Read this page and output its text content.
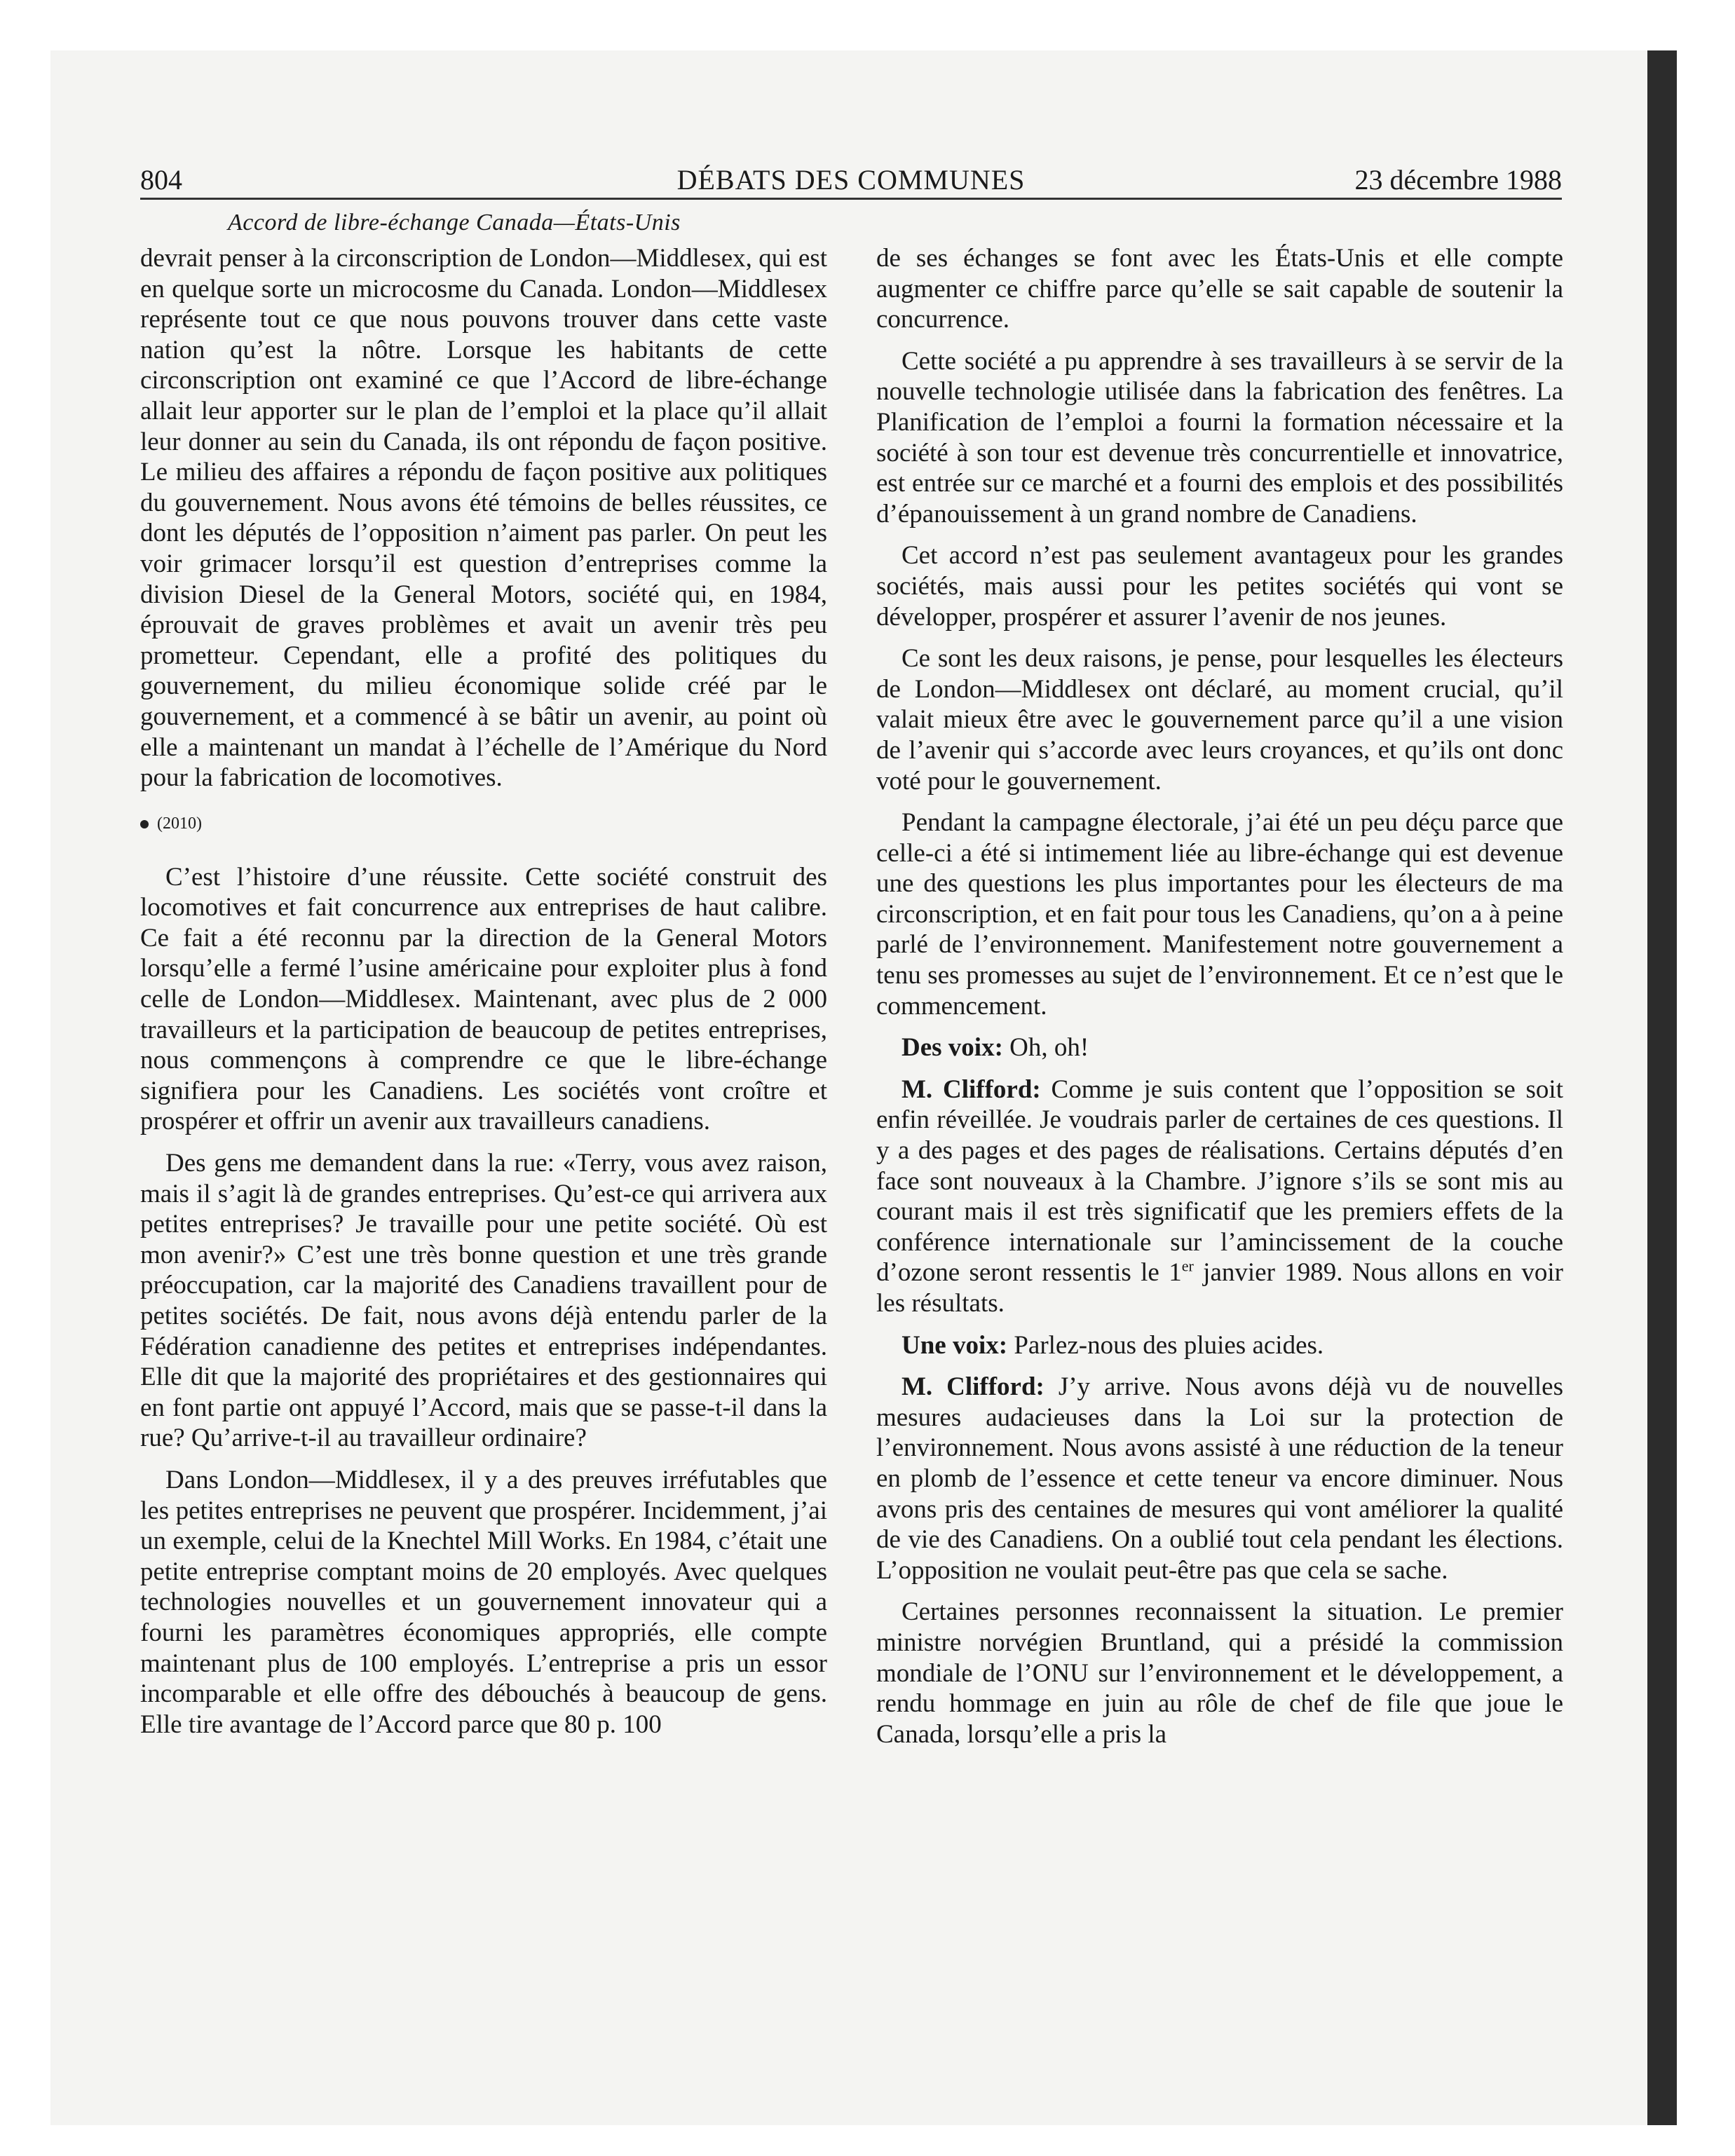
DÉBATS DES COMMUNES
804	23 décembre 1988
Accord de libre-échange Canada—États-Unis

devrait penser à la circonscription de London—Middlesex, qui est en quelque sorte un microcosme du Canada. London—Middlesex représente tout ce que nous pouvons trouver dans cette vaste nation qu’est la nôtre. Lorsque les habitants de cette circonscription ont examiné ce que l’Accord de libre-échange allait leur apporter sur le plan de l’emploi et la place qu’il allait leur donner au sein du Canada, ils ont répondu de façon positive. Le milieu des affaires a répondu de façon positive aux politiques du gouvernement. Nous avons été témoins de belles réussites, ce dont les députés de l’opposition n’aiment pas parler. On peut les voir grimacer lorsqu’il est question d’entreprises comme la division Diesel de la General Motors, société qui, en 1984, éprouvait de graves problèmes et avait un avenir très peu prometteur. Cependant, elle a profité des politiques du gouvernement, du milieu économique solide créé par le gouvernement, et a commencé à se bâtir un avenir, au point où elle a maintenant un mandat à l’échelle de l’Amérique du Nord pour la fabrication de locomotives.

(2010)

C’est l’histoire d’une réussite. Cette société construit des locomotives et fait concurrence aux entreprises de haut calibre. Ce fait a été reconnu par la direction de la General Motors lorsqu’elle a fermé l’usine américaine pour exploiter plus à fond celle de London—Middlesex. Maintenant, avec plus de 2 000 travailleurs et la participation de beaucoup de petites entreprises, nous commençons à comprendre ce que le libre-échange signifiera pour les Canadiens. Les sociétés vont croître et prospérer et offrir un avenir aux travailleurs canadiens.

Des gens me demandent dans la rue: «Terry, vous avez raison, mais il s’agit là de grandes entreprises. Qu’est-ce qui arrivera aux petites entreprises? Je travaille pour une petite société. Où est mon avenir?» C’est une très bonne question et une très grande préoccupation, car la majorité des Canadiens travaillent pour de petites sociétés. De fait, nous avons déjà entendu parler de la Fédération canadienne des petites et entreprises indépendantes. Elle dit que la majorité des propriétaires et des gestionnaires qui en font partie ont appuyé l’Accord, mais que se passe-t-il dans la rue? Qu’arrive-t-il au travailleur ordinaire?

Dans London—Middlesex, il y a des preuves irréfutables que les petites entreprises ne peuvent que prospérer. Incidemment, j’ai un exemple, celui de la Knechtel Mill Works. En 1984, c’était une petite entreprise comptant moins de 20 employés. Avec quelques technologies nouvelles et un gouvernement innovateur qui a fourni les paramètres économiques appropriés, elle compte maintenant plus de 100 employés. L’entreprise a pris un essor incomparable et elle offre des débouchés à beaucoup de gens. Elle tire avantage de l’Accord parce que 80 p. 100

de ses échanges se font avec les États-Unis et elle compte augmenter ce chiffre parce qu’elle se sait capable de soutenir la concurrence.

Cette société a pu apprendre à ses travailleurs à se servir de la nouvelle technologie utilisée dans la fabrication des fenêtres. La Planification de l’emploi a fourni la formation nécessaire et la société à son tour est devenue très concurrentielle et innovatrice, est entrée sur ce marché et a fourni des emplois et des possibilités d’épanouissement à un grand nombre de Canadiens.

Cet accord n’est pas seulement avantageux pour les grandes sociétés, mais aussi pour les petites sociétés qui vont se développer, prospérer et assurer l’avenir de nos jeunes.

Ce sont les deux raisons, je pense, pour lesquelles les électeurs de London—Middlesex ont déclaré, au moment crucial, qu’il valait mieux être avec le gouvernement parce qu’il a une vision de l’avenir qui s’accorde avec leurs croyances, et qu’ils ont donc voté pour le gouvernement.

Pendant la campagne électorale, j’ai été un peu déçu parce que celle-ci a été si intimement liée au libre-échange qui est devenue une des questions les plus importantes pour les électeurs de ma circonscription, et en fait pour tous les Canadiens, qu’on a à peine parlé de l’environnement. Manifestement notre gouvernement a tenu ses promesses au sujet de l’environnement. Et ce n’est que le commencement.

Des voix: Oh, oh!

M. Clifford: Comme je suis content que l’opposition se soit enfin réveillée. Je voudrais parler de certaines de ces questions. Il y a des pages et des pages de réalisations. Certains députés d’en face sont nouveaux à la Chambre. J’ignore s’ils se sont mis au courant mais il est très significatif que les premiers effets de la conférence internationale sur l’amincissement de la couche d’ozone seront ressentis le 1er janvier 1989. Nous allons en voir les résultats.

Une voix: Parlez-nous des pluies acides.

M. Clifford: J’y arrive. Nous avons déjà vu de nouvelles mesures audacieuses dans la Loi sur la protection de l’environnement. Nous avons assisté à une réduction de la teneur en plomb de l’essence et cette teneur va encore diminuer. Nous avons pris des centaines de mesures qui vont améliorer la qualité de vie des Canadiens. On a oublié tout cela pendant les élections. L’opposition ne voulait peut-être pas que cela se sache.

Certaines personnes reconnaissent la situation. Le premier ministre norvégien Bruntland, qui a présidé la commission mondiale de l’ONU sur l’environnement et le développement, a rendu hommage en juin au rôle de chef de file que joue le Canada, lorsqu’elle a pris la
